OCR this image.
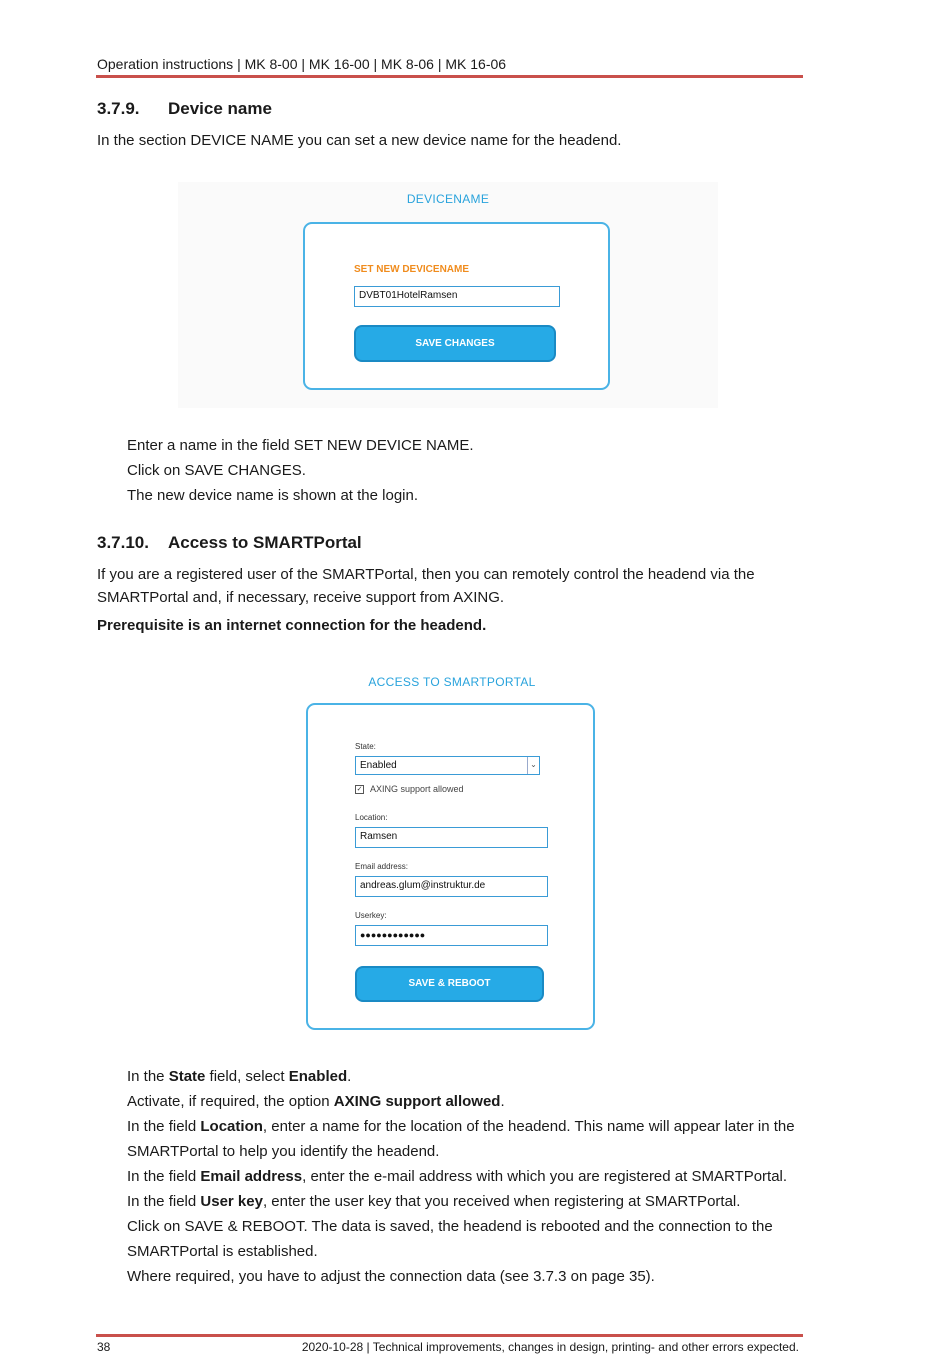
Operation instructions | MK 8-00 | MK 16-00 | MK 8-06 | MK 16-06
3.7.9. Device name
In the section DEVICE NAME you can set a new device name for the headend.
DEVICENAME
SET NEW DEVICENAME
DVBT01HotelRamsen
SAVE CHANGES
Enter a name in the field SET NEW DEVICE NAME.
Click on SAVE CHANGES.
The new device name is shown at the login.
3.7.10. Access to SMARTPortal
If you are a registered user of the SMARTPortal, then you can remotely control the headend via the SMARTPortal and, if necessary, receive support from AXING.
Prerequisite is an internet connection for the headend.
ACCESS TO SMARTPORTAL
State:
Enabled	⌄
✓ AXING support allowed
Location:
Ramsen
Email address:
andreas.glum@instruktur.de
Userkey:
●●●●●●●●●●●●
SAVE & REBOOT
In the State field, select Enabled.
Activate, if required, the option AXING support allowed.
In the field Location, enter a name for the location of the headend. This name will appear later in the SMARTPortal to help you identify the headend.
In the field Email address, enter the e-mail address with which you are registered at SMARTPortal.
In the field User key, enter the user key that you received when registering at SMARTPortal.
Click on SAVE & REBOOT. The data is saved, the headend is rebooted and the connection to the SMARTPortal is established.
Where required, you have to adjust the connection data (see 3.7.3 on page 35).
38	2020-10-28 | Technical improvements, changes in design, printing- and other errors expected.
